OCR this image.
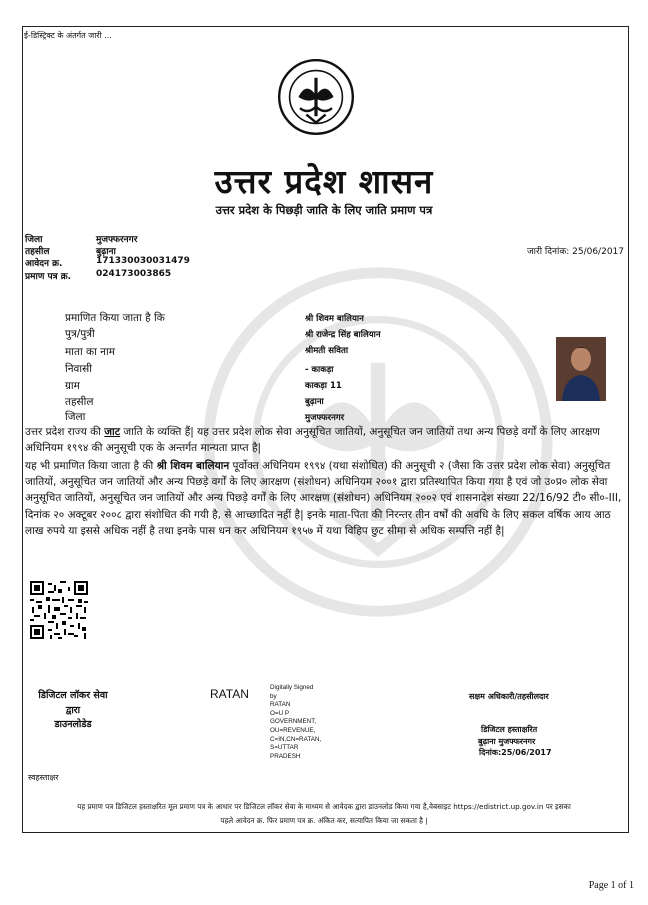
ई-डिस्ट्रिक्ट के अंतर्गत जारी ...
उत्तर प्रदेश शासन
उत्तर प्रदेश के पिछड़ी जाति के लिए जाति प्रमाण पत्र
जिला	मुजफ्फरनगर
तहसील	बुढ़ाना
आवेदन क्र.	171330030031479
प्रमाण पत्र क्र.	024173003865
जारी दिनांक: 25/06/2017
प्रमाणित किया जाता है कि	श्री शिवम बालियान
पुत्र/पुत्री	श्री राजेन्द्र सिंह बालियान
माता का नाम	श्रीमती सविता
निवासी	- काकड़ा
ग्राम	काकड़ा 11
तहसील	बुढ़ाना
जिला	मुजफ्फरनगर
उत्तर प्रदेश राज्य की जाट जाति के व्यक्ति हैं| यह उत्तर प्रदेश लोक सेवा अनुसूचित जातियों, अनुसूचित जन जातियों तथा अन्य पिछड़े वर्गों के लिए आरक्षण अधिनियम १९९४ की अनुसूची एक के अन्तर्गत मान्यता प्राप्त है|
यह भी प्रमाणित किया जाता है की श्री शिवम बालियान पूर्वोक्त अधिनियम १९९४ (यथा संशोधित) की अनुसूची २ (जैसा कि उत्तर प्रदेश लोक सेवा) अनुसूचित जातियों, अनुसूचित जन जातियों और अन्य पिछड़े वर्गों के लिए आरक्षण (संशोधन) अधिनियम २००१ द्वारा प्रतिस्थापित किया गया है एवं जो उ०प्र० लोक सेवा अनुसूचित जातियों, अनुसूचित जन जातियों और अन्य पिछड़े वर्गों के लिए आरक्षण (संशोधन) अधिनियम २००२ एवं शासनादेश संख्या 22/16/92 टी० सी०-III, दिनांक २० अक्टूबर २००८ द्वारा संशोधित की गयी है, से आच्छादित नहीं है| इनके माता-पिता की निरन्तर तीन वर्षों की अवधि के लिए सकल वर्षिक आय आठ लाख रुपये या इससे अधिक नहीं है तथा इनके पास धन कर अधिनियम १९५७ में यथा विहिप छुट सीमा से अधिक सम्पत्ति नहीं है|
डिजिटल लॉकर सेवा
द्वारा
डाउनलोडेड
RATAN	Digitally Signed
by
RATAN
O=U P
GOVERNMENT,
OU=REVENUE,
C=IN,CN=RATAN,
S=UTTAR
PRADESH
सक्षम अधिकारी/तहसीलदार
डिजिटल हस्ताक्षरित
बुढ़ाना मुजफ्फरनगर
दिनांक:25/06/2017
स्वहस्ताक्षर
यह प्रमाण पत्र डिजिटल हस्ताक्षरित मूल प्रमाण पत्र के आधार पर डिजिटल लॉकर सेवा के माध्यम से आवेदक द्वारा डाउनलोड किया गया है,वेबसाइट https://edistrict.up.gov.in पर इसका
पहले आवेदन क्र. फिर प्रमाण पत्र क्र. अंकित कर, सत्यापित किया जा सकता है |
Page 1 of 1
